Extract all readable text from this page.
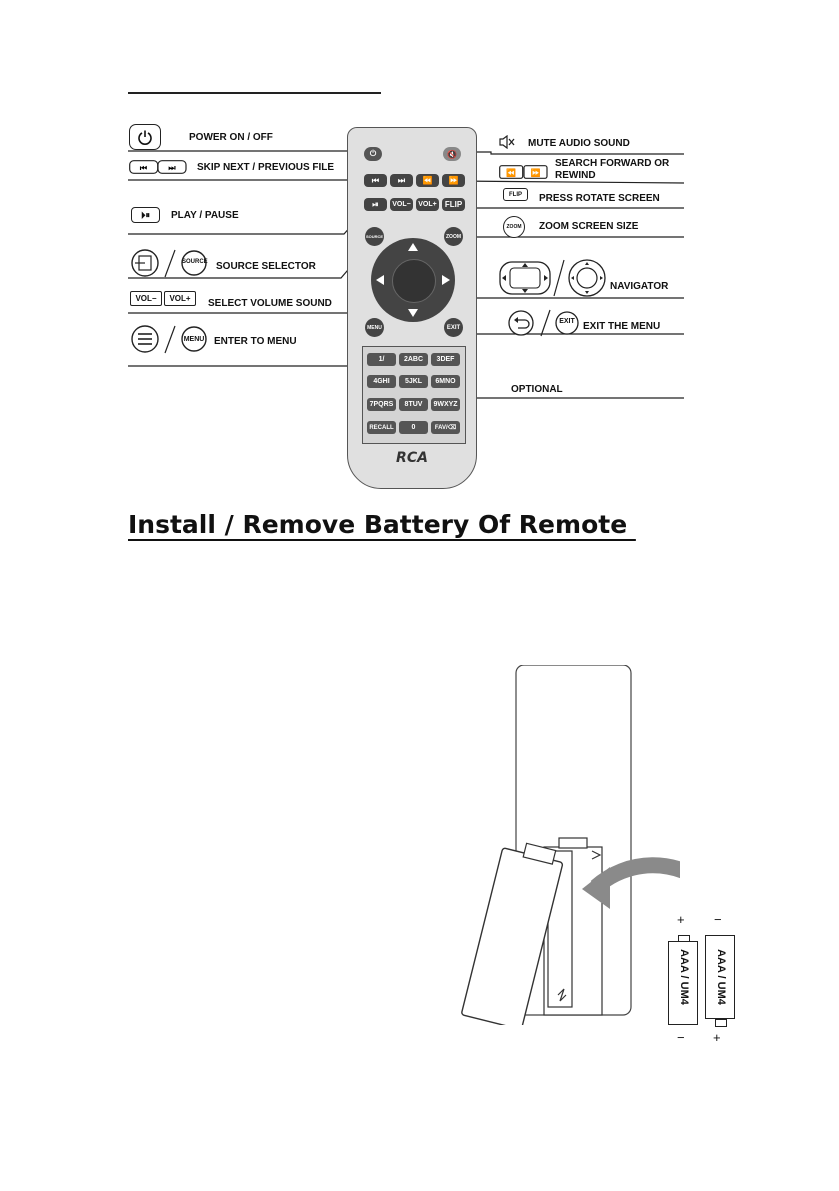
⏮	⏭
⏵⏸
SOURCE
VOL−	VOL+
MENU
POWER ON / OFF
SKIP NEXT / PREVIOUS FILE
PLAY / PAUSE
SOURCE SELECTOR
SELECT VOLUME SOUND
ENTER TO MENU
⏪ ⏩
FLIP
ZOOM
EXIT
MUTE AUDIO SOUND
SEARCH FORWARD OR
REWIND
PRESS ROTATE SCREEN
ZOOM SCREEN SIZE
NAVIGATOR
EXIT THE MENU
OPTIONAL
⏻	🔇
⏮	⏭	⏪	⏩
⏯	VOL−	VOL+	FLIP
SOURCE	ZOOM
MENU	EXIT
1/	2ABC	3DEF
4GHI	5JKL	6MNO
7PQRS	8TUV	9WXYZ
RECALL	0	FAV/⌫
RCA
Install / Remove Battery Of Remote
AAA / UM4	AAA / UM4
+
−
−
+
